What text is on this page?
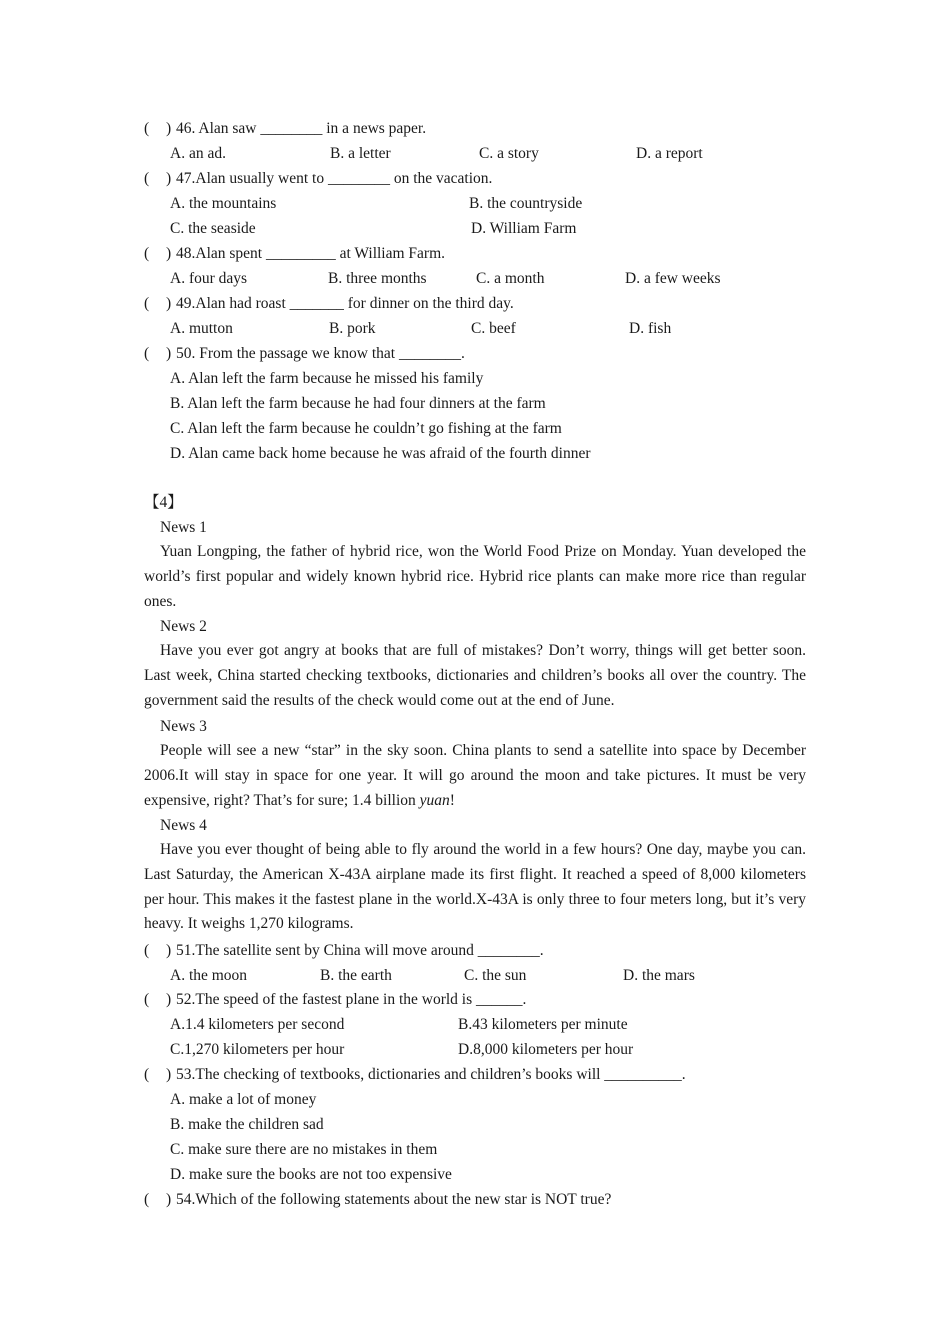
( ) 46. Alan saw ________ in a news paper.
A. an ad.	B. a letter	C. a story	D. a report
( ) 47.Alan usually went to ________ on the vacation.
A. the mountains	B. the countryside
C. the seaside	D. William Farm
( ) 48.Alan spent _________ at William Farm.
A. four days	B. three months	C. a month	D. a few weeks
( ) 49.Alan had roast _______ for dinner on the third day.
A. mutton	B. pork	C. beef	D. fish
( ) 50. From the passage we know that ________.
A. Alan left the farm because he missed his family
B. Alan left the farm because he had four dinners at the farm
C. Alan left the farm because he couldn’t go fishing at the farm
D. Alan came back home because he was afraid of the fourth dinner
【4】
News 1
Yuan Longping, the father of hybrid rice, won the World Food Prize on Monday. Yuan developed the world’s first popular and widely known hybrid rice. Hybrid rice plants can make more rice than regular ones.
News 2
Have you ever got angry at books that are full of mistakes? Don’t worry, things will get better soon. Last week, China started checking textbooks, dictionaries and children’s books all over the country. The government said the results of the check would come out at the end of June.
News 3
People will see a new “star” in the sky soon. China plants to send a satellite into space by December 2006.It will stay in space for one year. It will go around the moon and take pictures. It must be very expensive, right? That’s for sure; 1.4 billion yuan!
News 4
Have you ever thought of being able to fly around the world in a few hours? One day, maybe you can. Last Saturday, the American X-43A airplane made its first flight. It reached a speed of 8,000 kilometers per hour. This makes it the fastest plane in the world.X-43A is only three to four meters long, but it’s very heavy. It weighs 1,270 kilograms.
( ) 51.The satellite sent by China will move around ________.
A. the moon	B. the earth	C. the sun	D. the mars
( ) 52.The speed of the fastest plane in the world is ______.
A.1.4 kilometers per second	B.43 kilometers per minute
C.1,270 kilometers per hour	D.8,000 kilometers per hour
( ) 53.The checking of textbooks, dictionaries and children’s books will __________.
A. make a lot of money
B. make the children sad
C. make sure there are no mistakes in them
D. make sure the books are not too expensive
( ) 54.Which of the following statements about the new star is NOT true?
